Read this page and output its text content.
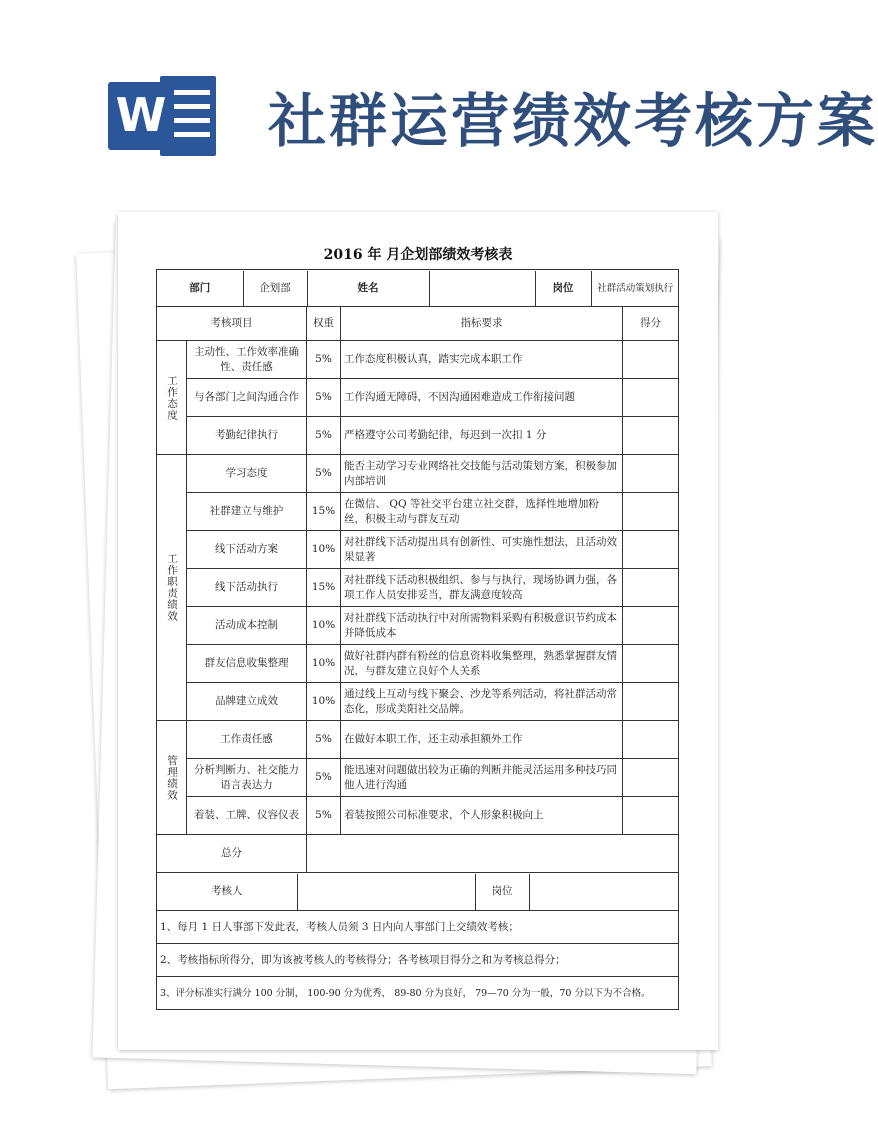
W 社群运营绩效考核方案
2016 年 月企划部绩效考核表
部门	企划部	姓名		岗位	社群活动策划执行

考核项目	权重	指标要求	得分

工作态度
	主动性、工作效率准确性、责任感	5%	工作态度积极认真，踏实完成本职工作	
与各部门之间沟通合作	5%	工作沟通无障碍，不因沟通困难造成工作衔接问题	
考勤纪律执行	5%	严格遵守公司考勤纪律，每迟到一次扣 1 分	

工作职责绩效
	学习态度	5%	能否主动学习专业网络社交技能与活动策划方案，积极参加内部培训	
社群建立与维护	15%	在微信、 QQ 等社交平台建立社交群，选择性地增加粉丝，积极主动与群友互动	
线下活动方案	10%	对社群线下活动提出具有创新性、可实施性想法，且活动效果显著	
线下活动执行	15%	对社群线下活动积极组织、参与与执行，现场协调力强，各项工作人员安排妥当，群友满意度较高	
活动成本控制	10%	对社群线下活动执行中对所需物料采购有积极意识节约成本并降低成本	
群友信息收集整理	10%	做好社群内群有粉丝的信息资料收集整理，熟悉掌握群友情况，与群友建立良好个人关系	
品牌建立成效	10%	通过线上互动与线下聚会、沙龙等系列活动，将社群活动常态化，形成美阳社交品牌。	

管理绩效
	工作责任感	5%	在做好本职工作，还主动承担额外工作	
分析判断力、社交能力语言表达力	5%	能迅速对问题做出较为正确的判断并能灵活运用多种技巧同他人进行沟通	
着装、工牌、仪容仪表	5%	着装按照公司标准要求，个人形象积极向上	
总分	

考核人		岗位	

1、每月 1 日人事部下发此表，考核人员须 3 日内向人事部门上交绩效考核；
2、考核指标所得分，即为该被考核人的考核得分；各考核项目得分之和为考核总得分；
3、评分标准实行满分 100 分制， 100-90 分为优秀， 89-80 分为良好， 79—70 分为一般，70 分以下为不合格。
